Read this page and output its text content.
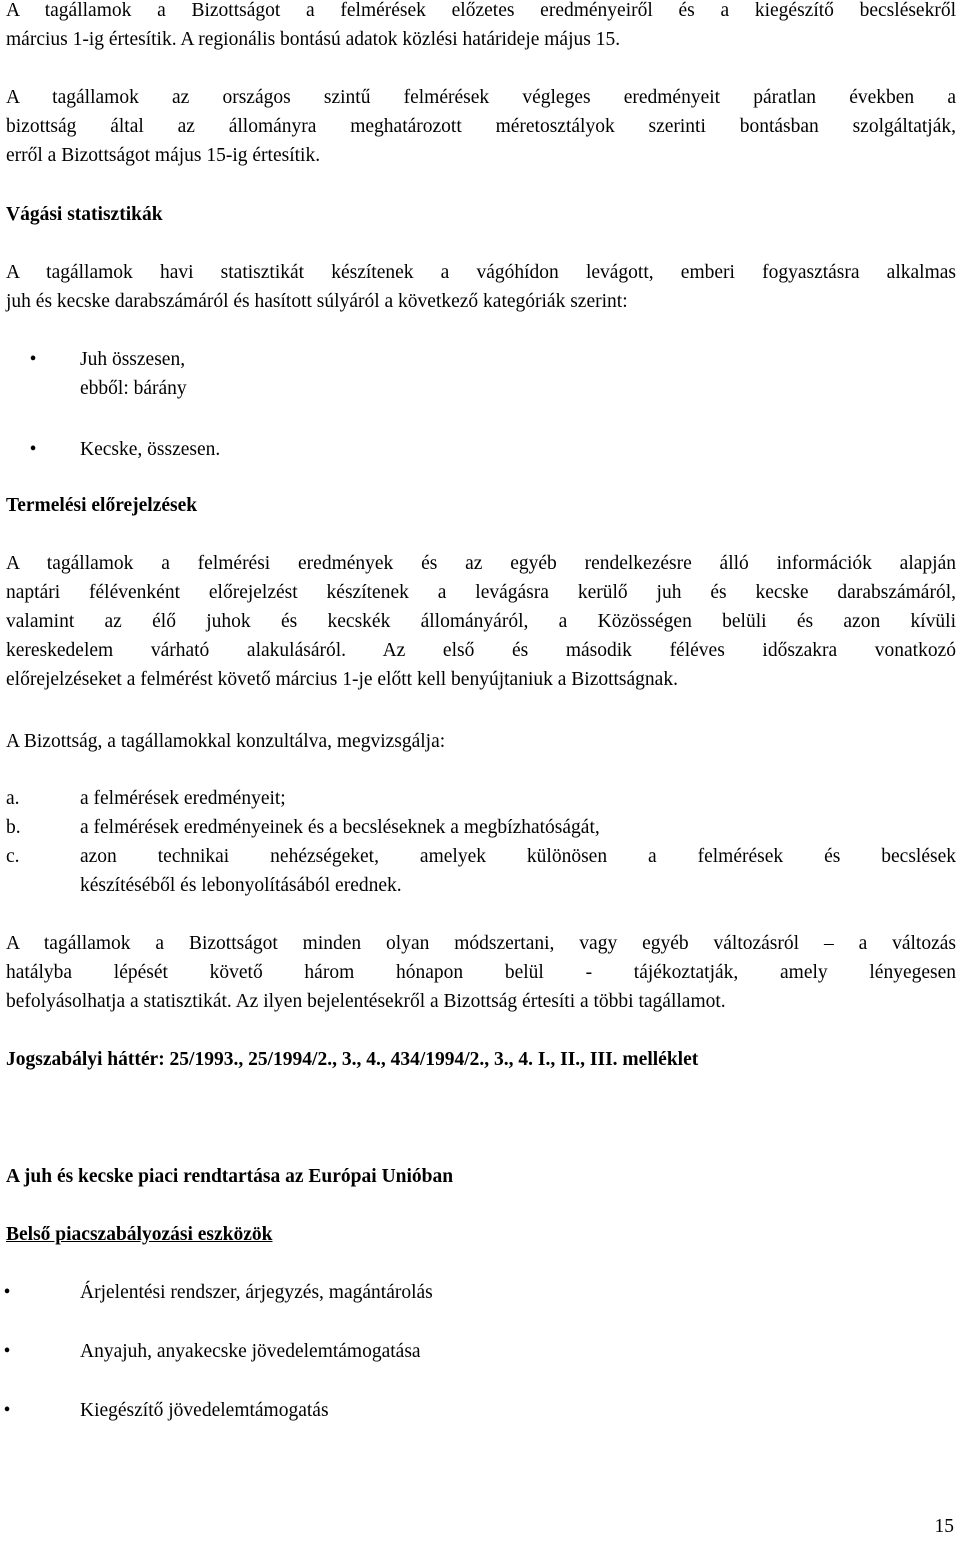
A tagállamok a Bizottságot a felmérések előzetes eredményeiről és a kiegészítő becslésekről
március 1-ig értesítik. A regionális bontású adatok közlési határideje május 15.
A tagállamok az országos szintű felmérések végleges eredményeit páratlan években a
bizottság által az állományra meghatározott méretosztályok szerinti bontásban szolgáltatják,
erről a Bizottságot május 15-ig értesítik.
Vágási statisztikák
A tagállamok havi statisztikát készítenek a vágóhídon levágott, emberi fogyasztásra alkalmas
juh és kecske darabszámáról és hasított súlyáról a következő kategóriák szerint:
• Juh összesen,
ebből: bárány
• Kecske, összesen.
Termelési előrejelzések
A tagállamok a felmérési eredmények és az egyéb rendelkezésre álló információk alapján
naptári félévenként előrejelzést készítenek a levágásra kerülő juh és kecske darabszámáról,
valamint az élő juhok és kecskék állományáról, a Közösségen belüli és azon kívüli
kereskedelem várható alakulásáról. Az első és második féléves időszakra vonatkozó
előrejelzéseket a felmérést követő március 1-je előtt kell benyújtaniuk a Bizottságnak.
A Bizottság, a tagállamokkal konzultálva, megvizsgálja:
a.	a felmérések eredményeit;
b.	a felmérések eredményeinek és a becsléseknek a megbízhatóságát,
c.	azon technikai nehézségeket, amelyek különösen a felmérések és becslések
készítéséből és lebonyolításából erednek.
A tagállamok a Bizottságot minden olyan módszertani, vagy egyéb változásról – a változás
hatályba lépését követő három hónapon belül - tájékoztatják, amely lényegesen
befolyásolhatja a statisztikát. Az ilyen bejelentésekről a Bizottság értesíti a többi tagállamot.
Jogszabályi háttér: 25/1993., 25/1994/2., 3., 4., 434/1994/2., 3., 4. I., II., III. melléklet
A juh és kecske piaci rendtartása az Európai Unióban
Belső piacszabályozási eszközök
•	Árjelentési rendszer, árjegyzés, magántárolás
•	Anyajuh, anyakecske jövedelemtámogatása
•	Kiegészítő jövedelemtámogatás
15
